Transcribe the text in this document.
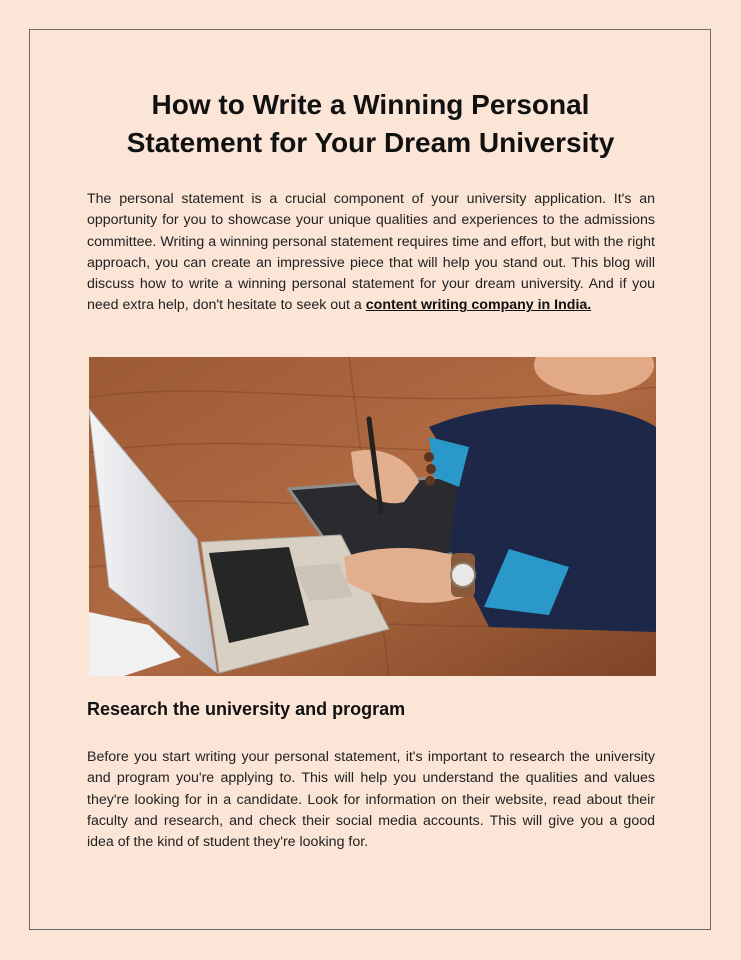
How to Write a Winning Personal
Statement for Your Dream University

The personal statement is a crucial component of your university application. It's an opportunity for you to showcase your unique qualities and experiences to the admissions committee. Writing a winning personal statement requires time and effort, but with the right approach, you can create an impressive piece that will help you stand out. This blog will discuss how to write a winning personal statement for your dream university. And if you need extra help, don't hesitate to seek out a content writing company in India.

Research the university and program

Before you start writing your personal statement, it's important to research the university and program you're applying to. This will help you understand the qualities and values they're looking for in a candidate. Look for information on their website, read about their faculty and research, and check their social media accounts. This will give you a good idea of the kind of student they're looking for.
